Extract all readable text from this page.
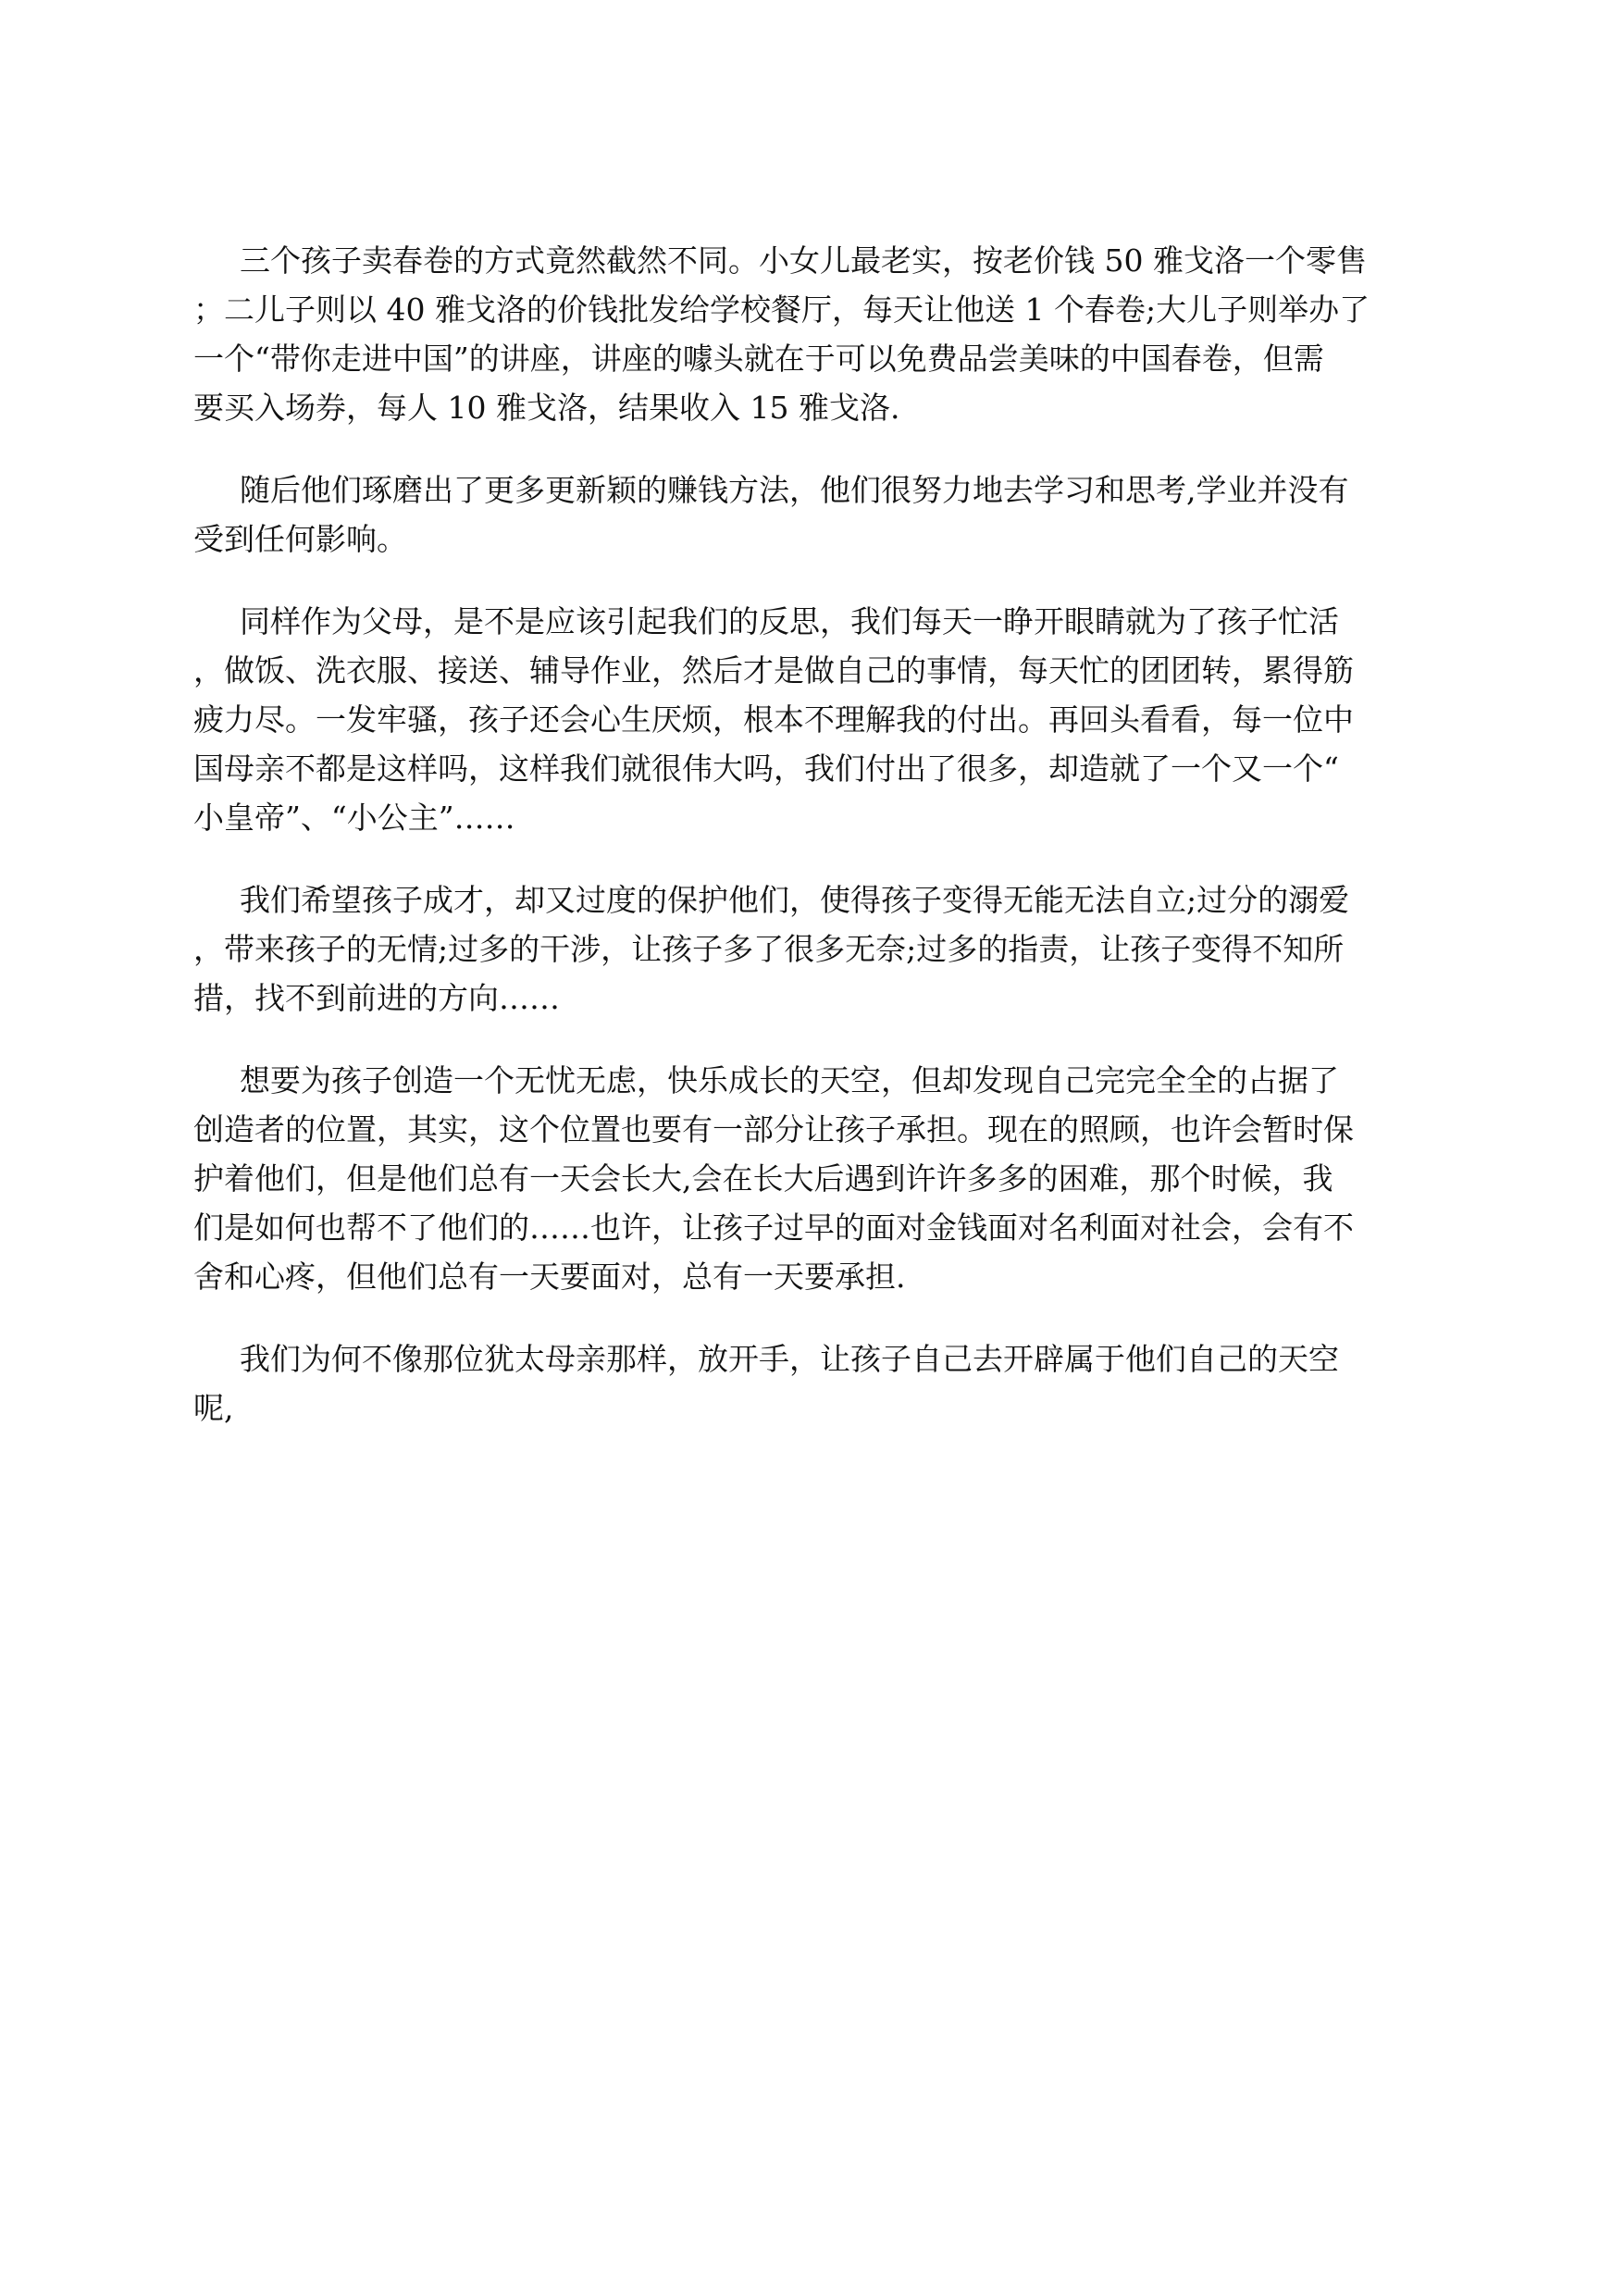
三个孩子卖春卷的方式竟然截然不同。小女儿最老实，按老价钱 50 雅戈洛一个零售
；二儿子则以 40 雅戈洛的价钱批发给学校餐厅，每天让他送 1 个春卷;大儿子则举办了
一个“带你走进中国”的讲座，讲座的噱头就在于可以免费品尝美味的中国春卷，但需
要买入场券，每人 10 雅戈洛，结果收入 15 雅戈洛.
随后他们琢磨出了更多更新颖的赚钱方法，他们很努力地去学习和思考,学业并没有
受到任何影响。
同样作为父母，是不是应该引起我们的反思，我们每天一睁开眼睛就为了孩子忙活
，做饭、洗衣服、接送、辅导作业，然后才是做自己的事情，每天忙的团团转，累得筋
疲力尽。一发牢骚，孩子还会心生厌烦，根本不理解我的付出。再回头看看，每一位中
国母亲不都是这样吗，这样我们就很伟大吗，我们付出了很多，却造就了一个又一个“
小皇帝”、“小公主”……
我们希望孩子成才，却又过度的保护他们，使得孩子变得无能无法自立;过分的溺爱
，带来孩子的无情;过多的干涉，让孩子多了很多无奈;过多的指责，让孩子变得不知所
措，找不到前进的方向……
想要为孩子创造一个无忧无虑，快乐成长的天空，但却发现自己完完全全的占据了
创造者的位置，其实，这个位置也要有一部分让孩子承担。现在的照顾，也许会暂时保
护着他们，但是他们总有一天会长大,会在长大后遇到许许多多的困难，那个时候，我
们是如何也帮不了他们的……也许，让孩子过早的面对金钱面对名利面对社会，会有不
舍和心疼，但他们总有一天要面对，总有一天要承担.
我们为何不像那位犹太母亲那样，放开手，让孩子自己去开辟属于他们自己的天空
呢,
